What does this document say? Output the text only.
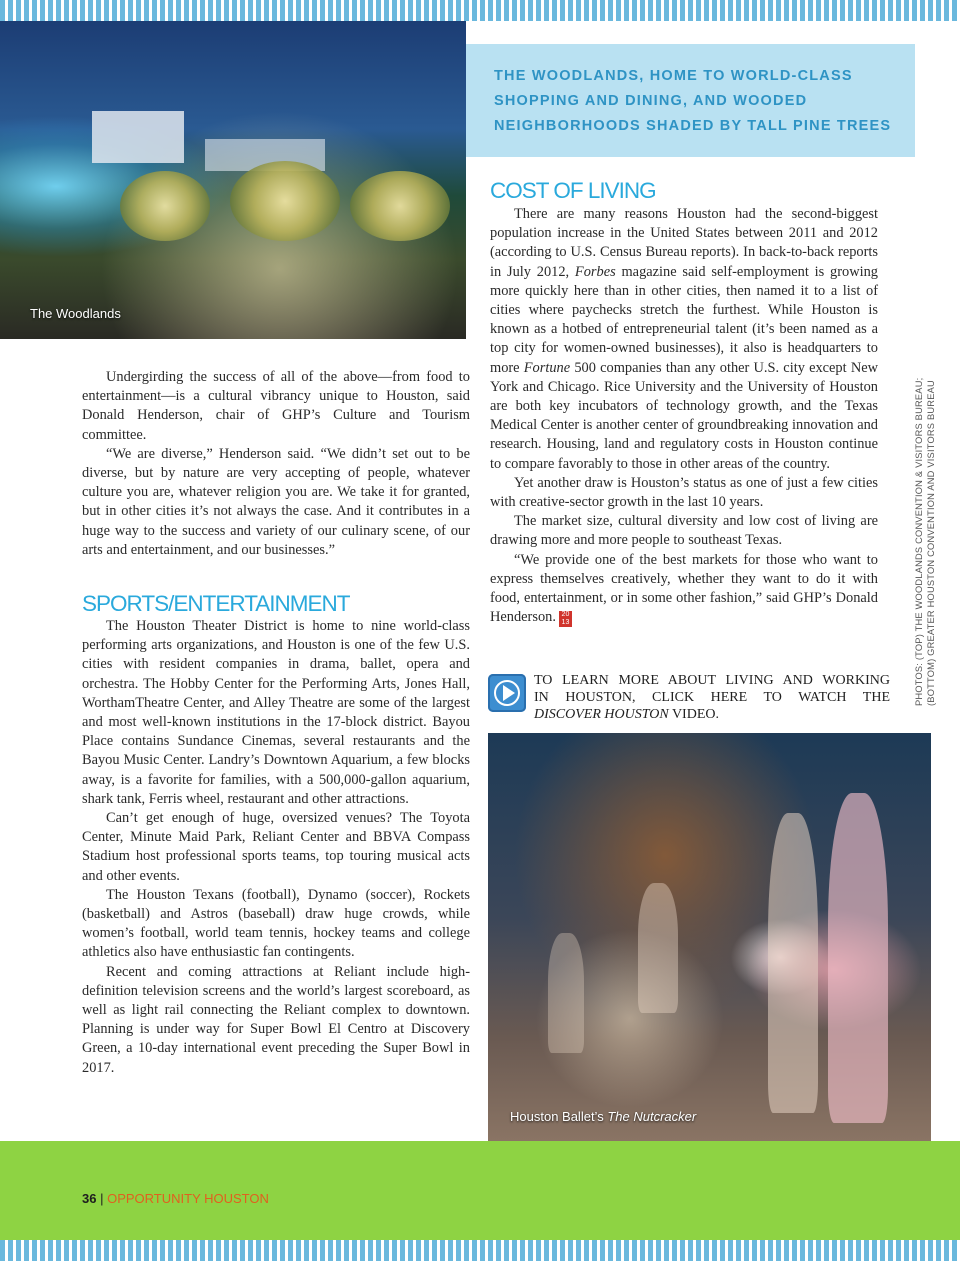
The Woodlands
THE WOODLANDS, HOME TO WORLD-CLASS SHOPPING AND DINING, AND WOODED NEIGHBORHOODS SHADED BY TALL PINE TREES

Undergirding the success of all of the above—from food to entertainment—is a cultural vibrancy unique to Houston, said Donald Henderson, chair of GHP’s Culture and Tourism committee.

“We are diverse,” Henderson said. “We didn’t set out to be diverse, but by nature are very accepting of people, whatever culture you are, whatever religion you are. We take it for granted, but in other cities it’s not always the case. And it contributes in a huge way to the success and variety of our culinary scene, of our arts and entertainment, and our businesses.”

SPORTS/ENTERTAINMENT

The Houston Theater District is home to nine world-class performing arts organizations, and Houston is one of the few U.S. cities with resident companies in drama, ballet, opera and orchestra. The Hobby Center for the Performing Arts, Jones Hall, WorthamTheatre Center, and Alley Theatre are some of the largest and most well-known institutions in the 17-block district. Bayou Place contains Sundance Cinemas, several restaurants and the Bayou Music Center. Landry’s Downtown Aquarium, a few blocks away, is a favorite for families, with a 500,000-gallon aquarium, shark tank, Ferris wheel, restaurant and other attractions.

Can’t get enough of huge, oversized venues? The Toyota Center, Minute Maid Park, Reliant Center and BBVA Compass Stadium host professional sports teams, top touring musical acts and other events.

The Houston Texans (football), Dynamo (soccer), Rockets (basketball) and Astros (baseball) draw huge crowds, while women’s football, world team tennis, hockey teams and college athletics also have enthusiastic fan contingents.

Recent and coming attractions at Reliant include high-definition television screens and the world’s largest scoreboard, as well as light rail connecting the Reliant complex to downtown. Planning is under way for Super Bowl El Centro at Discovery Green, a 10-day international event preceding the Super Bowl in 2017.

COST OF LIVING

There are many reasons Houston had the second-biggest population increase in the United States between 2011 and 2012 (according to U.S. Census Bureau reports). In back-to-back reports in July 2012, Forbes magazine said self-employment is growing more quickly here than in other cities, then named it to a list of cities where paychecks stretch the furthest. While Houston is known as a hotbed of entrepreneurial talent (it’s been named as a top city for women-owned businesses), it also is headquarters to more Fortune 500 companies than any other U.S. city except New York and Chicago. Rice University and the University of Houston are both key incubators of technology growth, and the Texas Medical Center is another center of groundbreaking innovation and research. Housing, land and regulatory costs in Houston continue to compare favorably to those in other areas of the country.

Yet another draw is Houston’s status as one of just a few cities with creative-sector growth in the last 10 years.

The market size, cultural diversity and low cost of living are drawing more and more people to southeast Texas.

“We provide one of the best markets for those who want to express themselves creatively, whether they want to do it with food, entertainment, or in some other fashion,” said GHP’s Donald Henderson. 20 13

TO LEARN MORE ABOUT LIVING AND WORKING
IN HOUSTON, CLICK HERE TO WATCH THE
DISCOVER HOUSTON VIDEO.
Houston Ballet’s The Nutcracker
PHOTOS: (TOP) THE WOODLANDS CONVENTION & VISITORS BUREAU; (BOTTOM) GREATER HOUSTON CONVENTION AND VISITORS BUREAU
36 | OPPORTUNITY HOUSTON
